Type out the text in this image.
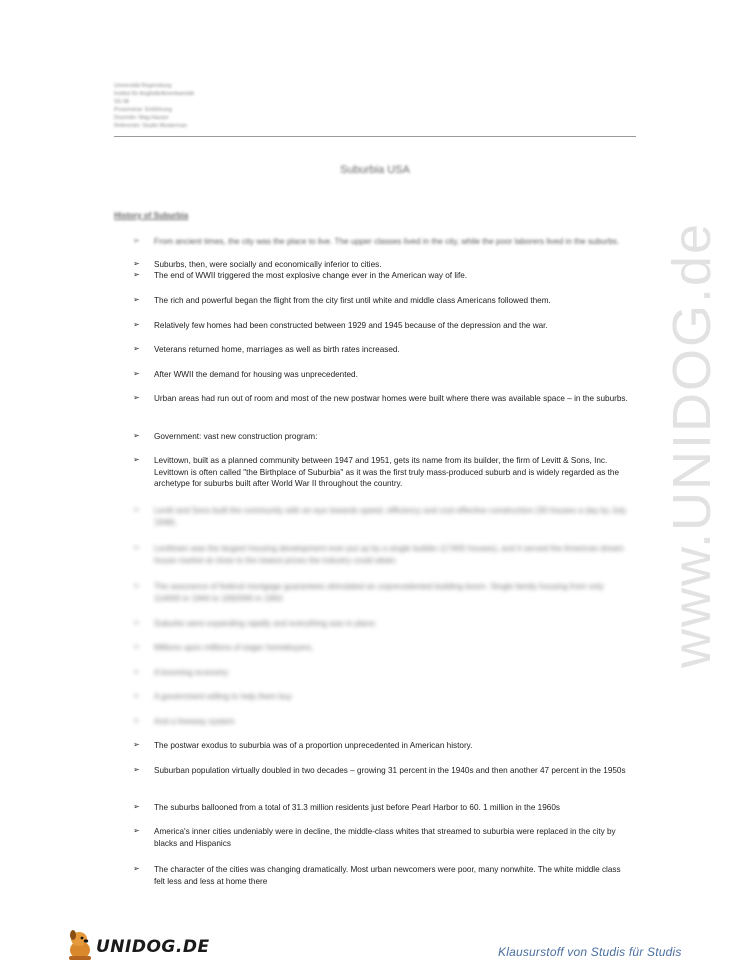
Universität Regensburg
Institut für Anglistik/Amerikanistik
SS 08
Proseminar: Einführung
Dozentin: Mag.Hauser
Referentin: Studie Musterman
Suburbia USA
History of Suburbia
www.UNIDOG.de
➢ From ancient times, the city was the place to live. The upper classes lived in the city, while the poor laborers lived in the suburbs.
➢ Suburbs, then, were socially and economically inferior to cities.
➢ The end of WWII triggered the most explosive change ever in the American way of life.
➢ The rich and powerful began the flight from the city first until white and middle class Americans followed them.
➢ Relatively few homes had been constructed between 1929 and 1945 because of the depression and the war.
➢ Veterans returned home, marriages as well as birth rates increased.
➢ After WWII the demand for housing was unprecedented.
➢ Urban areas had run out of room and most of the new postwar homes were built where there was available space – in the suburbs.
➢ Government: vast new construction program:
➢ Levittown, built as a planned community between 1947 and 1951, gets its name from its builder, the firm of Levitt & Sons, Inc. Levittown is often called "the Birthplace of Suburbia" as it was the first truly mass-produced suburb and is widely regarded as the archetype for suburbs built after World War II throughout the country.
➢ Levitt and Sons built the community with an eye towards speed, efficiency and cost effective construction (30 houses a day by July 1948).
➢ Levittown was the largest housing development ever put up by a single builder (17400 houses), and it served the American dream house market at close to the lowest prices the industry could attain.
➢ The assurance of federal mortgage guarantees stimulated an unprecedented building boom. Single family housing from only 114000 in 1944 to 1692000 in 1950.
➢ Suburbs were expanding rapidly and everything was in place:
➢ Millions upon millions of eager homebuyers,
➢ A booming economy
➢ A government willing to help them buy
➢ And a freeway system
➢ The postwar exodus to suburbia was of a proportion unprecedented in American history.
➢ Suburban population virtually doubled in two decades – growing 31 percent in the 1940s and then another 47 percent in the 1950s
➢ The suburbs ballooned from a total of 31.3 million residents just before Pearl Harbor to 60. 1 million in the 1960s
➢ America's inner cities undeniably were in decline, the middle-class whites that streamed to suburbia were replaced in the city by blacks and Hispanics
➢ The character of the cities was changing dramatically. Most urban newcomers were poor, many nonwhite. The white middle class felt less and less at home there
UNIDOG.DE	Klausurstoff von Studis für Studis
